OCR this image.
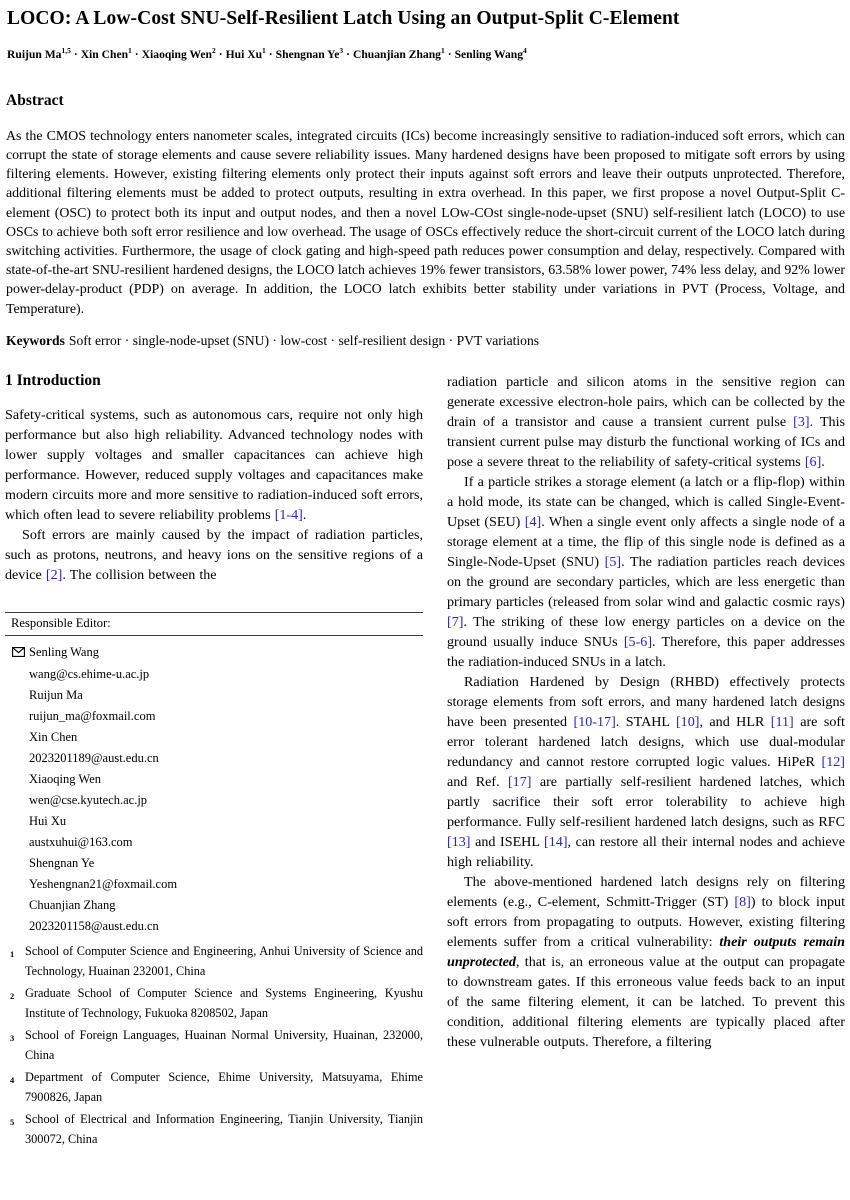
LOCO: A Low-Cost SNU-Self-Resilient Latch Using an Output-Split C-Element
Ruijun Ma$^{1,5}$ · Xin Chen$^1$ · Xiaoqing Wen$^2$ · Hui $Xu^1$ · Shengnan $Ye^3$ · Chuanjian Zhang$^1$ · Senling Wang$^4$
Abstract
As the CMOS technology enters nanometer scales, integrated circuits (ICs) become increasingly sensitive to radiation-induced soft errors, which can corrupt the state of storage elements and cause severe reliability issues. Many hardened designs have been proposed to mitigate soft errors by using filtering elements. However, existing filtering elements only protect their inputs against soft errors and leave their outputs unprotected. Therefore, additional filtering elements must be added to protect outputs, resulting in extra overhead. In this paper, we first propose a novel Output-Split C-element (OSC) to protect both its input and output nodes, and then a novel LOw-COst single-node-upset (SNU) self-resilient latch (LOCO) to use OSCs to achieve both soft error resilience and low overhead. The usage of OSCs effectively reduce the short-circuit current of the LOCO latch during switching activities. Furthermore, the usage of clock gating and high-speed path reduces power consumption and delay, respectively. Compared with state-of-the-art SNU-resilient hardened designs, the LOCO latch achieves 19% fewer transistors, 63.58% lower power, 74% less delay, and 92% lower power-delay-product (PDP) on average. In addition, the LOCO latch exhibits better stability under variations in PVT (Process, Voltage, and Temperature).
Keywords Soft error · single-node-upset (SNU) · low-cost · self-resilient design · PVT variations
1 Introduction

Safety-critical systems, such as autonomous cars, require not only high performance but also high reliability. Advanced technology nodes with lower supply voltages and smaller capacitances can achieve high performance. However, reduced supply voltages and capacitances make modern circuits more and more sensitive to radiation-induced soft errors, which often lead to severe reliability problems [1-4].

Soft errors are mainly caused by the impact of radiation particles, such as protons, neutrons, and heavy ions on the sensitive regions of a device [2]. The collision between the

Responsible Editor:
Senling Wang
wang@cs.ehime-u.ac.jp
Ruijun Ma
ruijun_ma@foxmail.com
Xin Chen
2023201189@aust.edu.cn
Xiaoqing Wen
wen@cse.kyutech.ac.jp
Hui Xu
austxuhui@163.com
Shengnan Ye
Yeshengnan21@foxmail.com
Chuanjian Zhang
2023201158@aust.edu.cn
1 School of Computer Science and Engineering, Anhui University of Science and Technology, Huainan 232001, China
2 Graduate School of Computer Science and Systems Engineering, Kyushu Institute of Technology, Fukuoka 8208502, Japan
3 School of Foreign Languages, Huainan Normal University, Huainan, 232000, China
4 Department of Computer Science, Ehime University, Matsuyama, Ehime 7900826, Japan
5 School of Electrical and Information Engineering, Tianjin University, Tianjin 300072, China

radiation particle and silicon atoms in the sensitive region can generate excessive electron-hole pairs, which can be collected by the drain of a transistor and cause a transient current pulse [3]. This transient current pulse may disturb the functional working of ICs and pose a severe threat to the reliability of safety-critical systems [6].

If a particle strikes a storage element (a latch or a flip-flop) within a hold mode, its state can be changed, which is called Single-Event-Upset (SEU) [4]. When a single event only affects a single node of a storage element at a time, the flip of this single node is defined as a Single-Node-Upset (SNU) [5]. The radiation particles reach devices on the ground are secondary particles, which are less energetic than primary particles (released from solar wind and galactic cosmic rays) [7]. The striking of these low energy particles on a device on the ground usually induce SNUs [5-6]. Therefore, this paper addresses the radiation-induced SNUs in a latch.

Radiation Hardened by Design (RHBD) effectively protects storage elements from soft errors, and many hardened latch designs have been presented [10-17]. STAHL [10], and HLR [11] are soft error tolerant hardened latch designs, which use dual-modular redundancy and cannot restore corrupted logic values. HiPeR [12] and Ref. [17] are partially self-resilient hardened latches, which partly sacrifice their soft error tolerability to achieve high performance. Fully self-resilient hardened latch designs, such as RFC [13] and ISEHL [14], can restore all their internal nodes and achieve high reliability.

The above-mentioned hardened latch designs rely on filtering elements (e.g., C-element, Schmitt-Trigger (ST) [8]) to block input soft errors from propagating to outputs. However, existing filtering elements suffer from a critical vulnerability: their outputs remain unprotected, that is, an erroneous value at the output can propagate to downstream gates. If this erroneous value feeds back to an input of the same filtering element, it can be latched. To prevent this condition, additional filtering elements are typically placed after these vulnerable outputs. Therefore, a filtering
